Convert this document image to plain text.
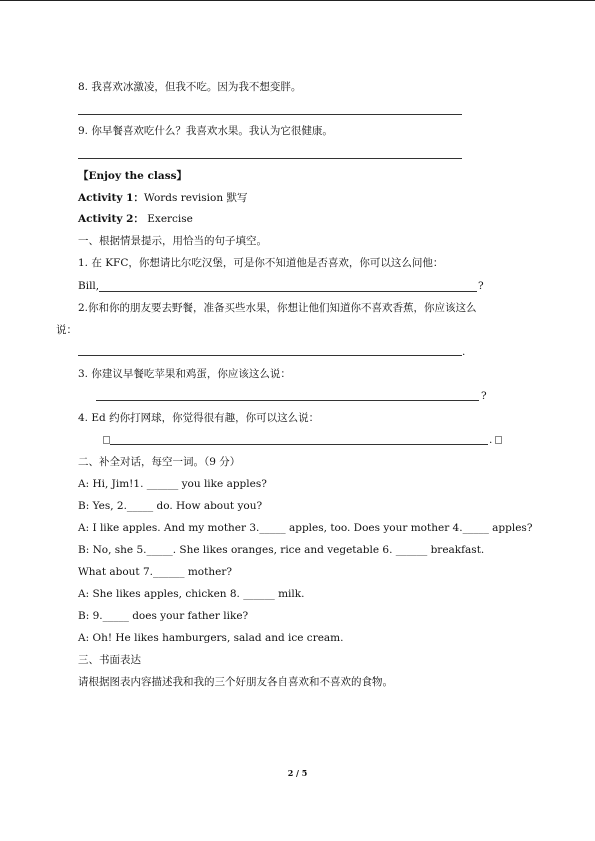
8. 我喜欢冰激凌，但我不吃。因为我不想变胖。
9. 你早餐喜欢吃什么？我喜欢水果。我认为它很健康。
【Enjoy the class】
Activity 1：Words revision 默写
Activity 2： Exercise
一、根据情景提示，用恰当的句子填空。
1. 在 KFC，你想请比尔吃汉堡，可是你不知道他是否喜欢，你可以这么问他：
Bill,	?
2.你和你的朋友要去野餐，准备买些水果，你想让他们知道你不喜欢香蕉，你应该这么
说：
.
3. 你建议早餐吃苹果和鸡蛋，你应该这么说：
?
4. Ed 约你打网球，你觉得很有趣，你可以这么说：
.
二、补全对话，每空一词。（9 分）
A: Hi, Jim!1. ______ you like apples?
B: Yes, 2._____ do. How about you?
A: I like apples. And my mother 3._____ apples, too. Does your mother 4._____ apples?
B: No, she 5._____. She likes oranges, rice and vegetable 6. ______ breakfast.
What about 7.______ mother?
A: She likes apples, chicken 8. ______ milk.
B: 9._____ does your father like?
A: Oh! He likes hamburgers, salad and ice cream.
三、书面表达
请根据图表内容描述我和我的三个好朋友各自喜欢和不喜欢的食物。
2 / 5
